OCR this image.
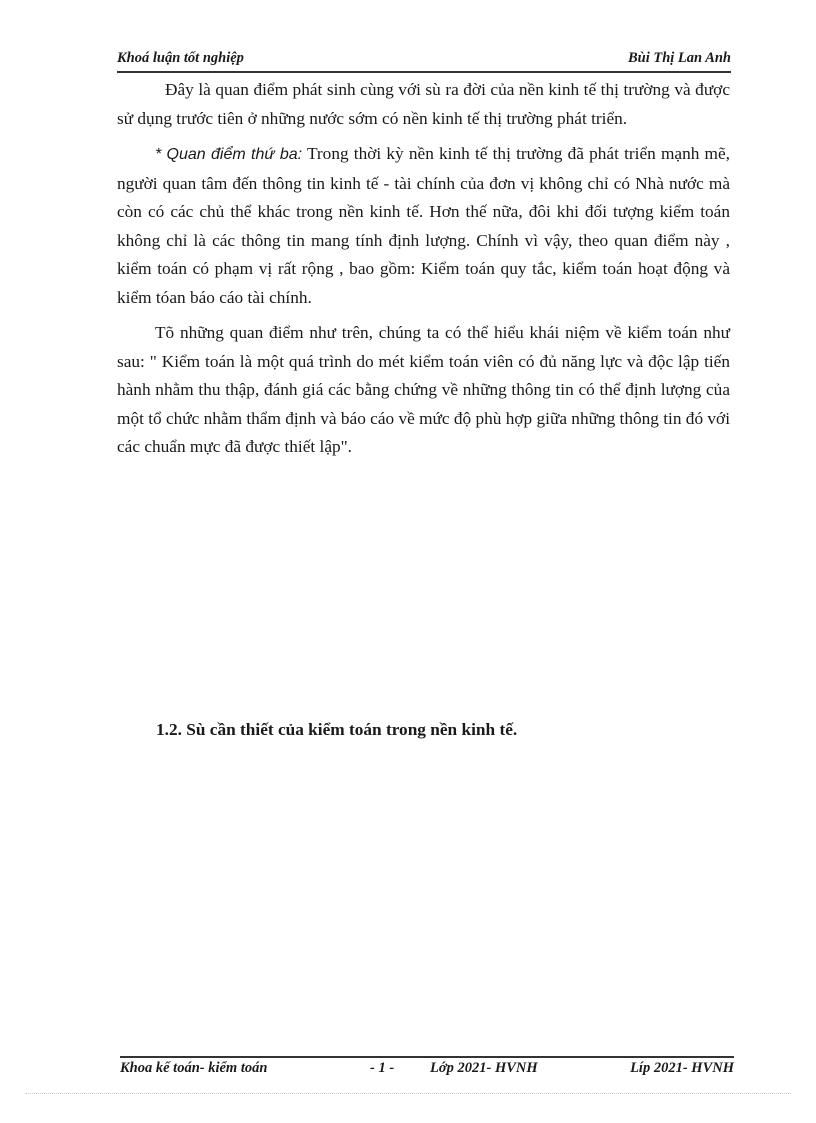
Khoá luận tốt nghiệp	Bùi Thị Lan Anh

Đây là quan điểm phát sinh cùng với sù ra đời của nền kinh tế thị trường và được sử dụng trước tiên ở những nước sớm có nền kinh tế thị trường phát triển.

* Quan điểm thứ ba: Trong thời kỳ nền kinh tế thị trường đã phát triển mạnh mẽ, người quan tâm đến thông tin kinh tế - tài chính của đơn vị không chỉ có Nhà nước mà còn có các chủ thể khác trong nền kinh tế. Hơn thế nữa, đôi khi đối tượng kiểm toán không chỉ là các thông tin mang tính định lượng. Chính vì vậy, theo quan điểm này , kiểm toán có phạm vị rất rộng , bao gồm: Kiểm toán quy tắc, kiểm toán hoạt động và kiểm tóan báo cáo tài chính.

Tõ những quan điểm như trên, chúng ta có thể hiểu khái niệm về kiểm toán như sau: " Kiểm toán là một quá trình do mét kiểm toán viên có đủ năng lực và độc lập tiến hành nhằm thu thập, đánh giá các bằng chứng về những thông tin có thể định lượng của một tổ chức nhằm thẩm định và báo cáo về mức độ phù hợp giữa những thông tin đó với các chuẩn mực đã được thiết lập".

1.2. Sù cần thiết của kiểm toán trong nền kinh tế.
Khoa kế toán- kiểm toán	- 1 - Lớp 2021- HVNH	Líp 2021- HVNH
